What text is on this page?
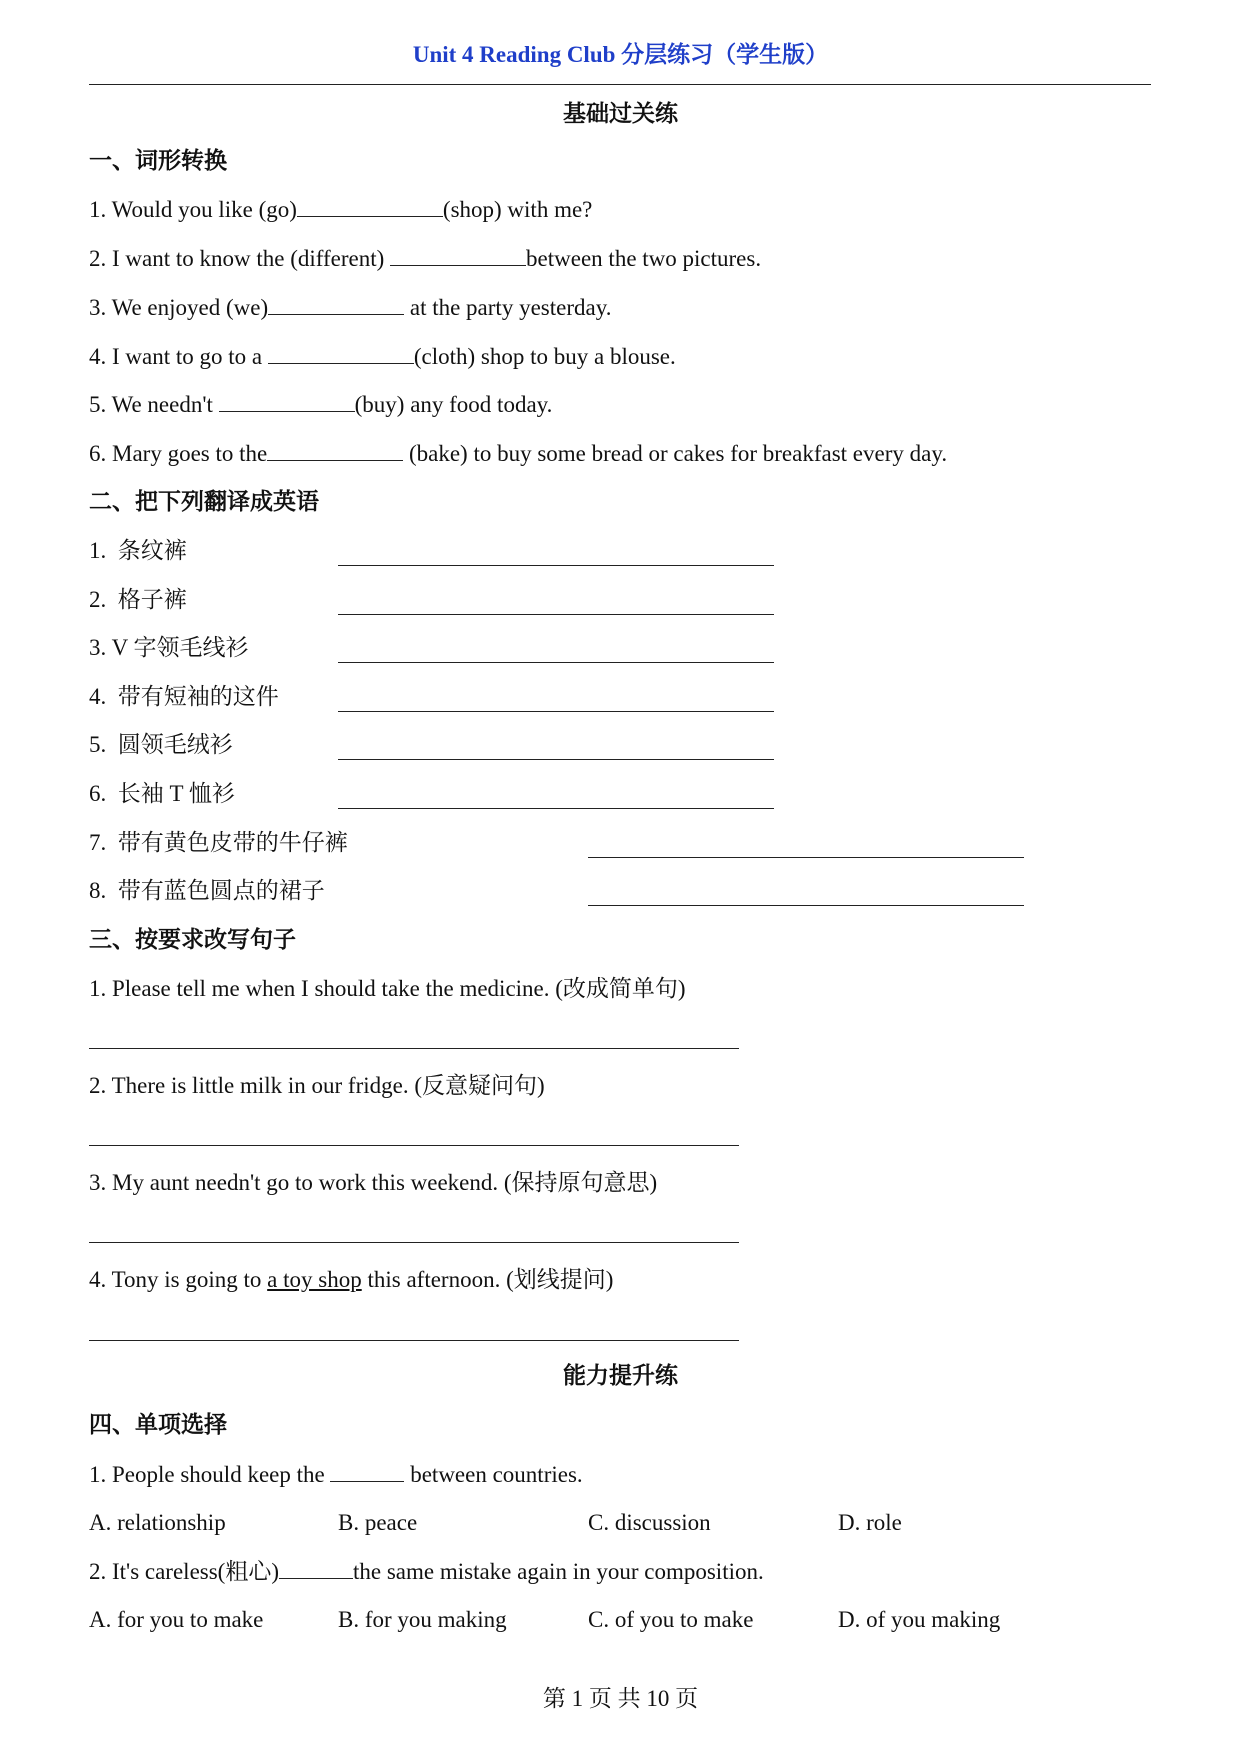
Unit 4 Reading Club 分层练习（学生版）
基础过关练
一、词形转换
1. Would you like (go)	(shop) with me?
2. I want to know the (different)	between the two pictures.
3. We enjoyed (we)	at the party yesterday.
4. I want to go to a	(cloth) shop to buy a blouse.
5. We needn't	(buy) any food today.
6. Mary goes to the	(bake) to buy some bread or cakes for breakfast every day.
二、把下列翻译成英语
1.  条纹裤
2.  格子裤
3. V 字领毛线衫
4.  带有短袖的这件
5.  圆领毛绒衫
6.  长袖 T 恤衫
7.  带有黄色皮带的牛仔裤
8.  带有蓝色圆点的裙子
三、按要求改写句子
1. Please tell me when I should take the medicine. (改成简单句)
2. There is little milk in our fridge. (反意疑问句)
3. My aunt needn't go to work this weekend. (保持原句意思)
4. Tony is going to a toy shop this afternoon. (划线提问)
能力提升练
四、单项选择
1. People should keep the	between countries.
A. relationship	B. peace	C. discussion	D. role
2. It's careless(粗心)	the same mistake again in your composition.
A. for you to make	B. for you making	C. of you to make	D. of you making
第 1 页 共 10 页
